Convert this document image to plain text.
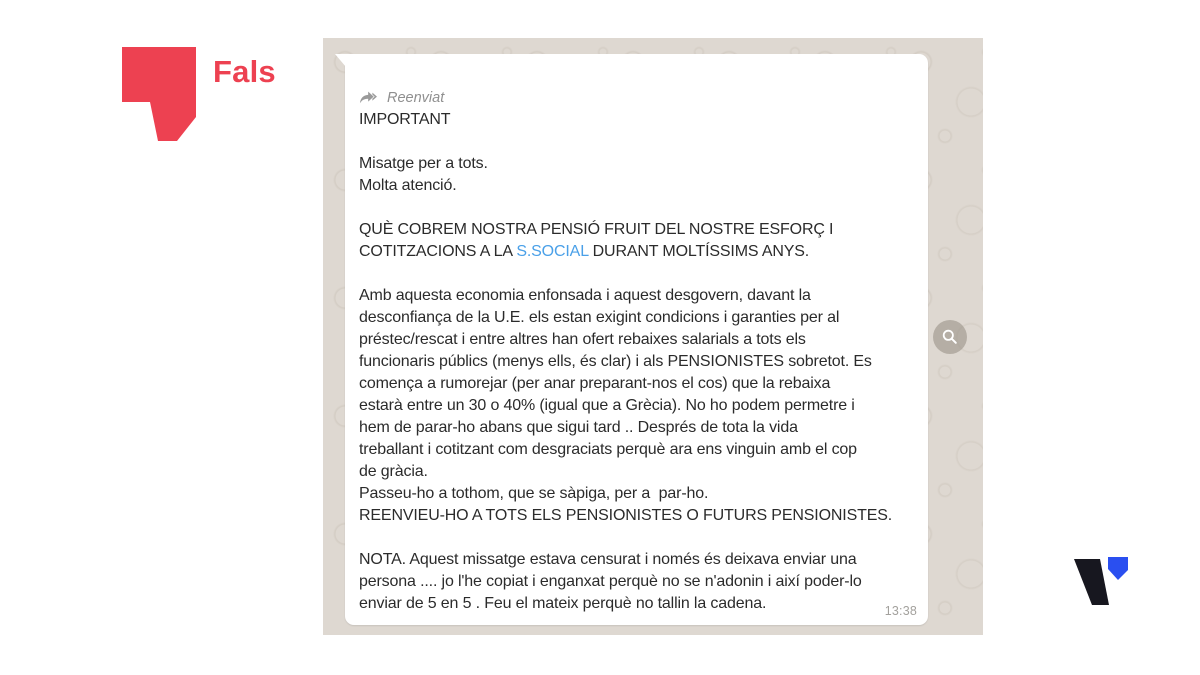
Fals
Reenviat
IMPORTANT

Misatge per a tots.
Molta atenció.

QUÈ COBREM NOSTRA PENSIÓ FRUIT DEL NOSTRE ESFORÇ I
COTITZACIONS A LA S.SOCIAL DURANT MOLTÍSSIMS ANYS.

Amb aquesta economia enfonsada i aquest desgovern, davant la
desconfiança de la U.E. els estan exigint condicions i garanties per al
préstec/rescat i entre altres han ofert rebaixes salarials a tots els
funcionaris públics (menys ells, és clar) i als PENSIONISTES sobretot. Es
comença a rumorejar (per anar preparant-nos el cos) que la rebaixa
estarà entre un 30 o 40% (igual que a Grècia). No ho podem permetre i
hem de parar-ho abans que sigui tard .. Després de tota la vida
treballant i cotitzant com desgraciats perquè ara ens vinguin amb el cop
de gràcia.
Passeu-ho a tothom, que se sàpiga, per a  par-ho.
REENVIEU-HO A TOTS ELS PENSIONISTES O FUTURS PENSIONISTES.

NOTA. Aquest missatge estava censurat i només és deixava enviar una
persona .... jo l'he copiat i enganxat perquè no se n'adonin i així poder-lo
enviar de 5 en 5 . Feu el mateix perquè no tallin la cadena.	13:38
